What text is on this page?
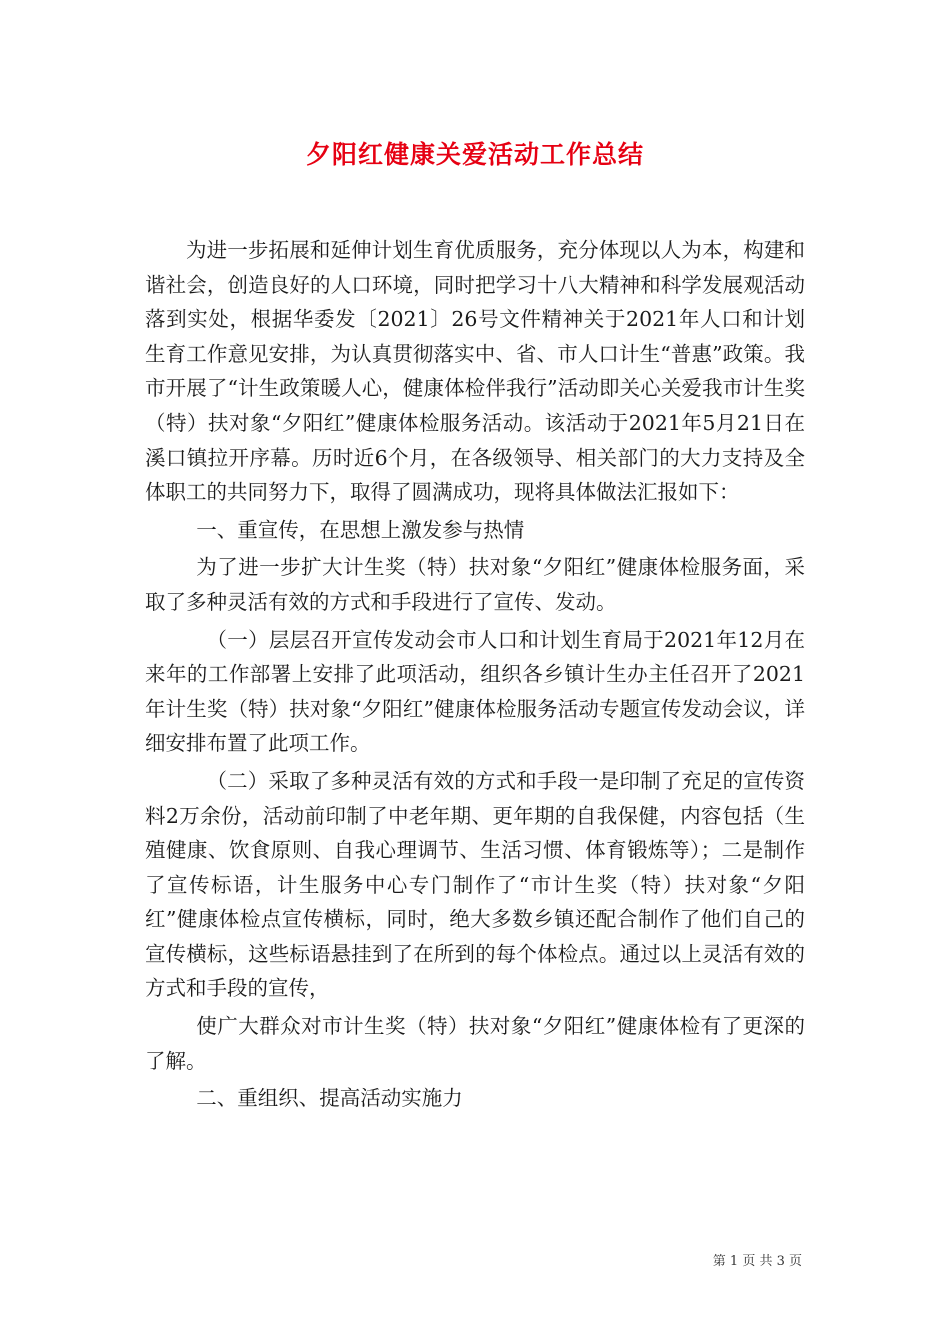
夕阳红健康关爱活动工作总结

为进一步拓展和延伸计划生育优质服务，充分体现以人为本，构建和谐社会，创造良好的人口环境，同时把学习十八大精神和科学发展观活动落到实处，根据华委发〔2021〕26号文件精神关于2021年人口和计划生育工作意见安排，为认真贯彻落实中、省、市人口计生“普惠”政策。我市开展了“计生政策暖人心，健康体检伴我行”活动即关心关爱我市计生奖（特）扶对象“夕阳红”健康体检服务活动。该活动于2021年5月21日在溪口镇拉开序幕。历时近6个月，在各级领导、相关部门的大力支持及全体职工的共同努力下，取得了圆满成功，现将具体做法汇报如下：

一、重宣传，在思想上激发参与热情

为了进一步扩大计生奖（特）扶对象“夕阳红”健康体检服务面，采取了多种灵活有效的方式和手段进行了宣传、发动。

（一）层层召开宣传发动会市人口和计划生育局于2021年12月在来年的工作部署上安排了此项活动，组织各乡镇计生办主任召开了2021年计生奖（特）扶对象“夕阳红”健康体检服务活动专题宣传发动会议，详细安排布置了此项工作。

（二）采取了多种灵活有效的方式和手段一是印制了充足的宣传资料2万余份，活动前印制了中老年期、更年期的自我保健，内容包括（生殖健康、饮食原则、自我心理调节、生活习惯、体育锻炼等）；二是制作了宣传标语，计生服务中心专门制作了“市计生奖（特）扶对象“夕阳红”健康体检点宣传横标，同时，绝大多数乡镇还配合制作了他们自己的宣传横标，这些标语悬挂到了在所到的每个体检点。通过以上灵活有效的方式和手段的宣传，

使广大群众对市计生奖（特）扶对象“夕阳红”健康体检有了更深的了解。

二、重组织、提高活动实施力

第 1 页 共 3 页
